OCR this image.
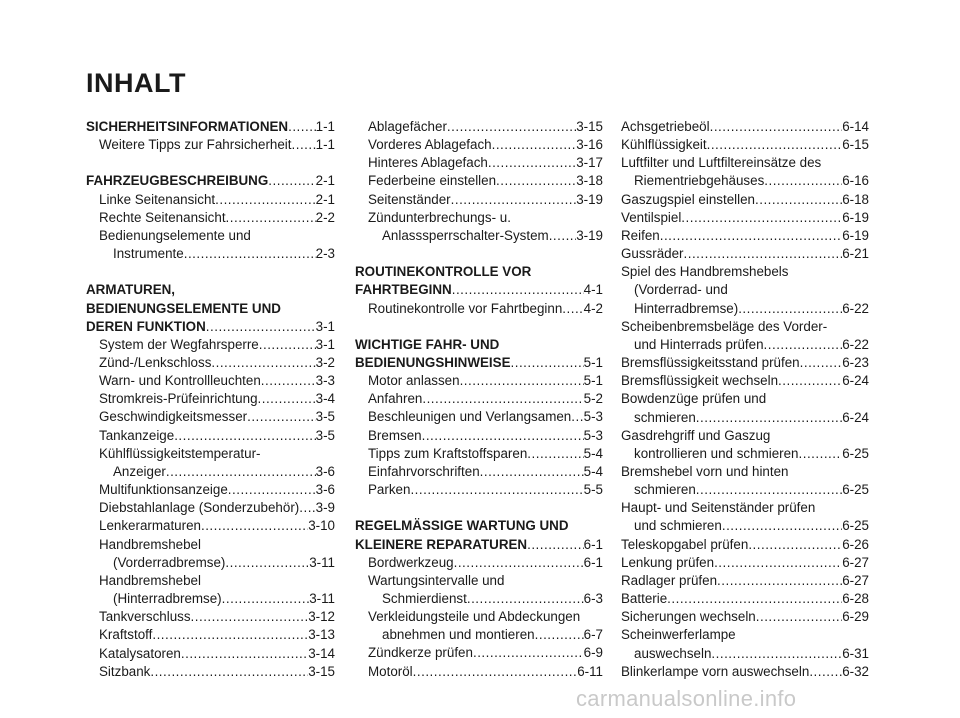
INHALT
SICHERHEITSINFORMATIONEN ..... 1-1
Weitere Tipps zur Fahrsicherheit ..... 1-1
FAHRZEUGBESCHREIBUNG .....	2-1
Linke Seitenansicht .....	2-1
Rechte Seitenansicht .....	2-2
Bedienungselemente und
Instrumente .....	2-3
ARMATUREN,
BEDIENUNGSELEMENTE UND
DEREN FUNKTION .....	3-1
System der Wegfahrsperre .....	3-1
Zünd-/Lenkschloss .....	3-2
Warn- und Kontrollleuchten .....	3-3
Stromkreis-Prüfeinrichtung .....	3-4
Geschwindigkeitsmesser .....	3-5
Tankanzeige .....	3-5
Kühlflüssigkeitstemperatur-
Anzeiger .....	3-6
Multifunktionsanzeige .....	3-6
Diebstahlanlage (Sonderzubehör) ..... 3-9
Lenkerarmaturen .....	3-10
Handbremshebel
(Vorderradbremse) .....	3-11
Handbremshebel
(Hinterradbremse) .....	3-11
Tankverschluss .....	3-12
Kraftstoff .....	3-13
Katalysatoren .....	3-14
Sitzbank .....	3-15
Ablagefächer .....	3-15
Vorderes Ablagefach .....	3-16
Hinteres Ablagefach .....	3-17
Federbeine einstellen .....	3-18
Seitenständer .....	3-19
Zündunterbrechungs- u.
Anlasssperrschalter-System ..... 3-19
ROUTINEKONTROLLE VOR
FAHRTBEGINN .....	4-1
Routinekontrolle vor Fahrtbeginn ..... 4-2
WICHTIGE FAHR- UND
BEDIENUNGSHINWEISE .....	5-1
Motor anlassen .....	5-1
Anfahren .....	5-2
Beschleunigen und Verlangsamen ..... 5-3
Bremsen .....	5-3
Tipps zum Kraftstoffsparen .....	5-4
Einfahrvorschriften .....	5-4
Parken .....	5-5
REGELMÄSSIGE WARTUNG UND
KLEINERE REPARATUREN .....	6-1
Bordwerkzeug .....	6-1
Wartungsintervalle und
Schmierdienst .....	6-3
Verkleidungsteile und Abdeckungen
abnehmen und montieren .....	6-7
Zündkerze prüfen .....	6-9
Motoröl .....	6-11
Achsgetriebeöl .....	6-14
Kühlflüssigkeit .....	6-15
Luftfilter und Luftfiltereinsätze des
Riementriebgehäuses .....	6-16
Gaszugspiel einstellen .....	6-18
Ventilspiel .....	6-19
Reifen .....	6-19
Gussräder .....	6-21
Spiel des Handbremshebels
(Vorderrad- und
Hinterradbremse) .....	6-22
Scheibenbremsbeläge des Vorder-
und Hinterrads prüfen .....	6-22
Bremsflüssigkeitsstand prüfen .....	6-23
Bremsflüssigkeit wechseln .....	6-24
Bowdenzüge prüfen und
schmieren .....	6-24
Gasdrehgriff und Gaszug
kontrollieren und schmieren .....	6-25
Bremshebel vorn und hinten
schmieren .....	6-25
Haupt- und Seitenständer prüfen
und schmieren .....	6-25
Teleskopgabel prüfen .....	6-26
Lenkung prüfen .....	6-27
Radlager prüfen .....	6-27
Batterie .....	6-28
Sicherungen wechseln .....	6-29
Scheinwerferlampe
auswechseln .....	6-31
Blinkerlampe vorn auswechseln ..... 6-32
carmanualsonline.info
